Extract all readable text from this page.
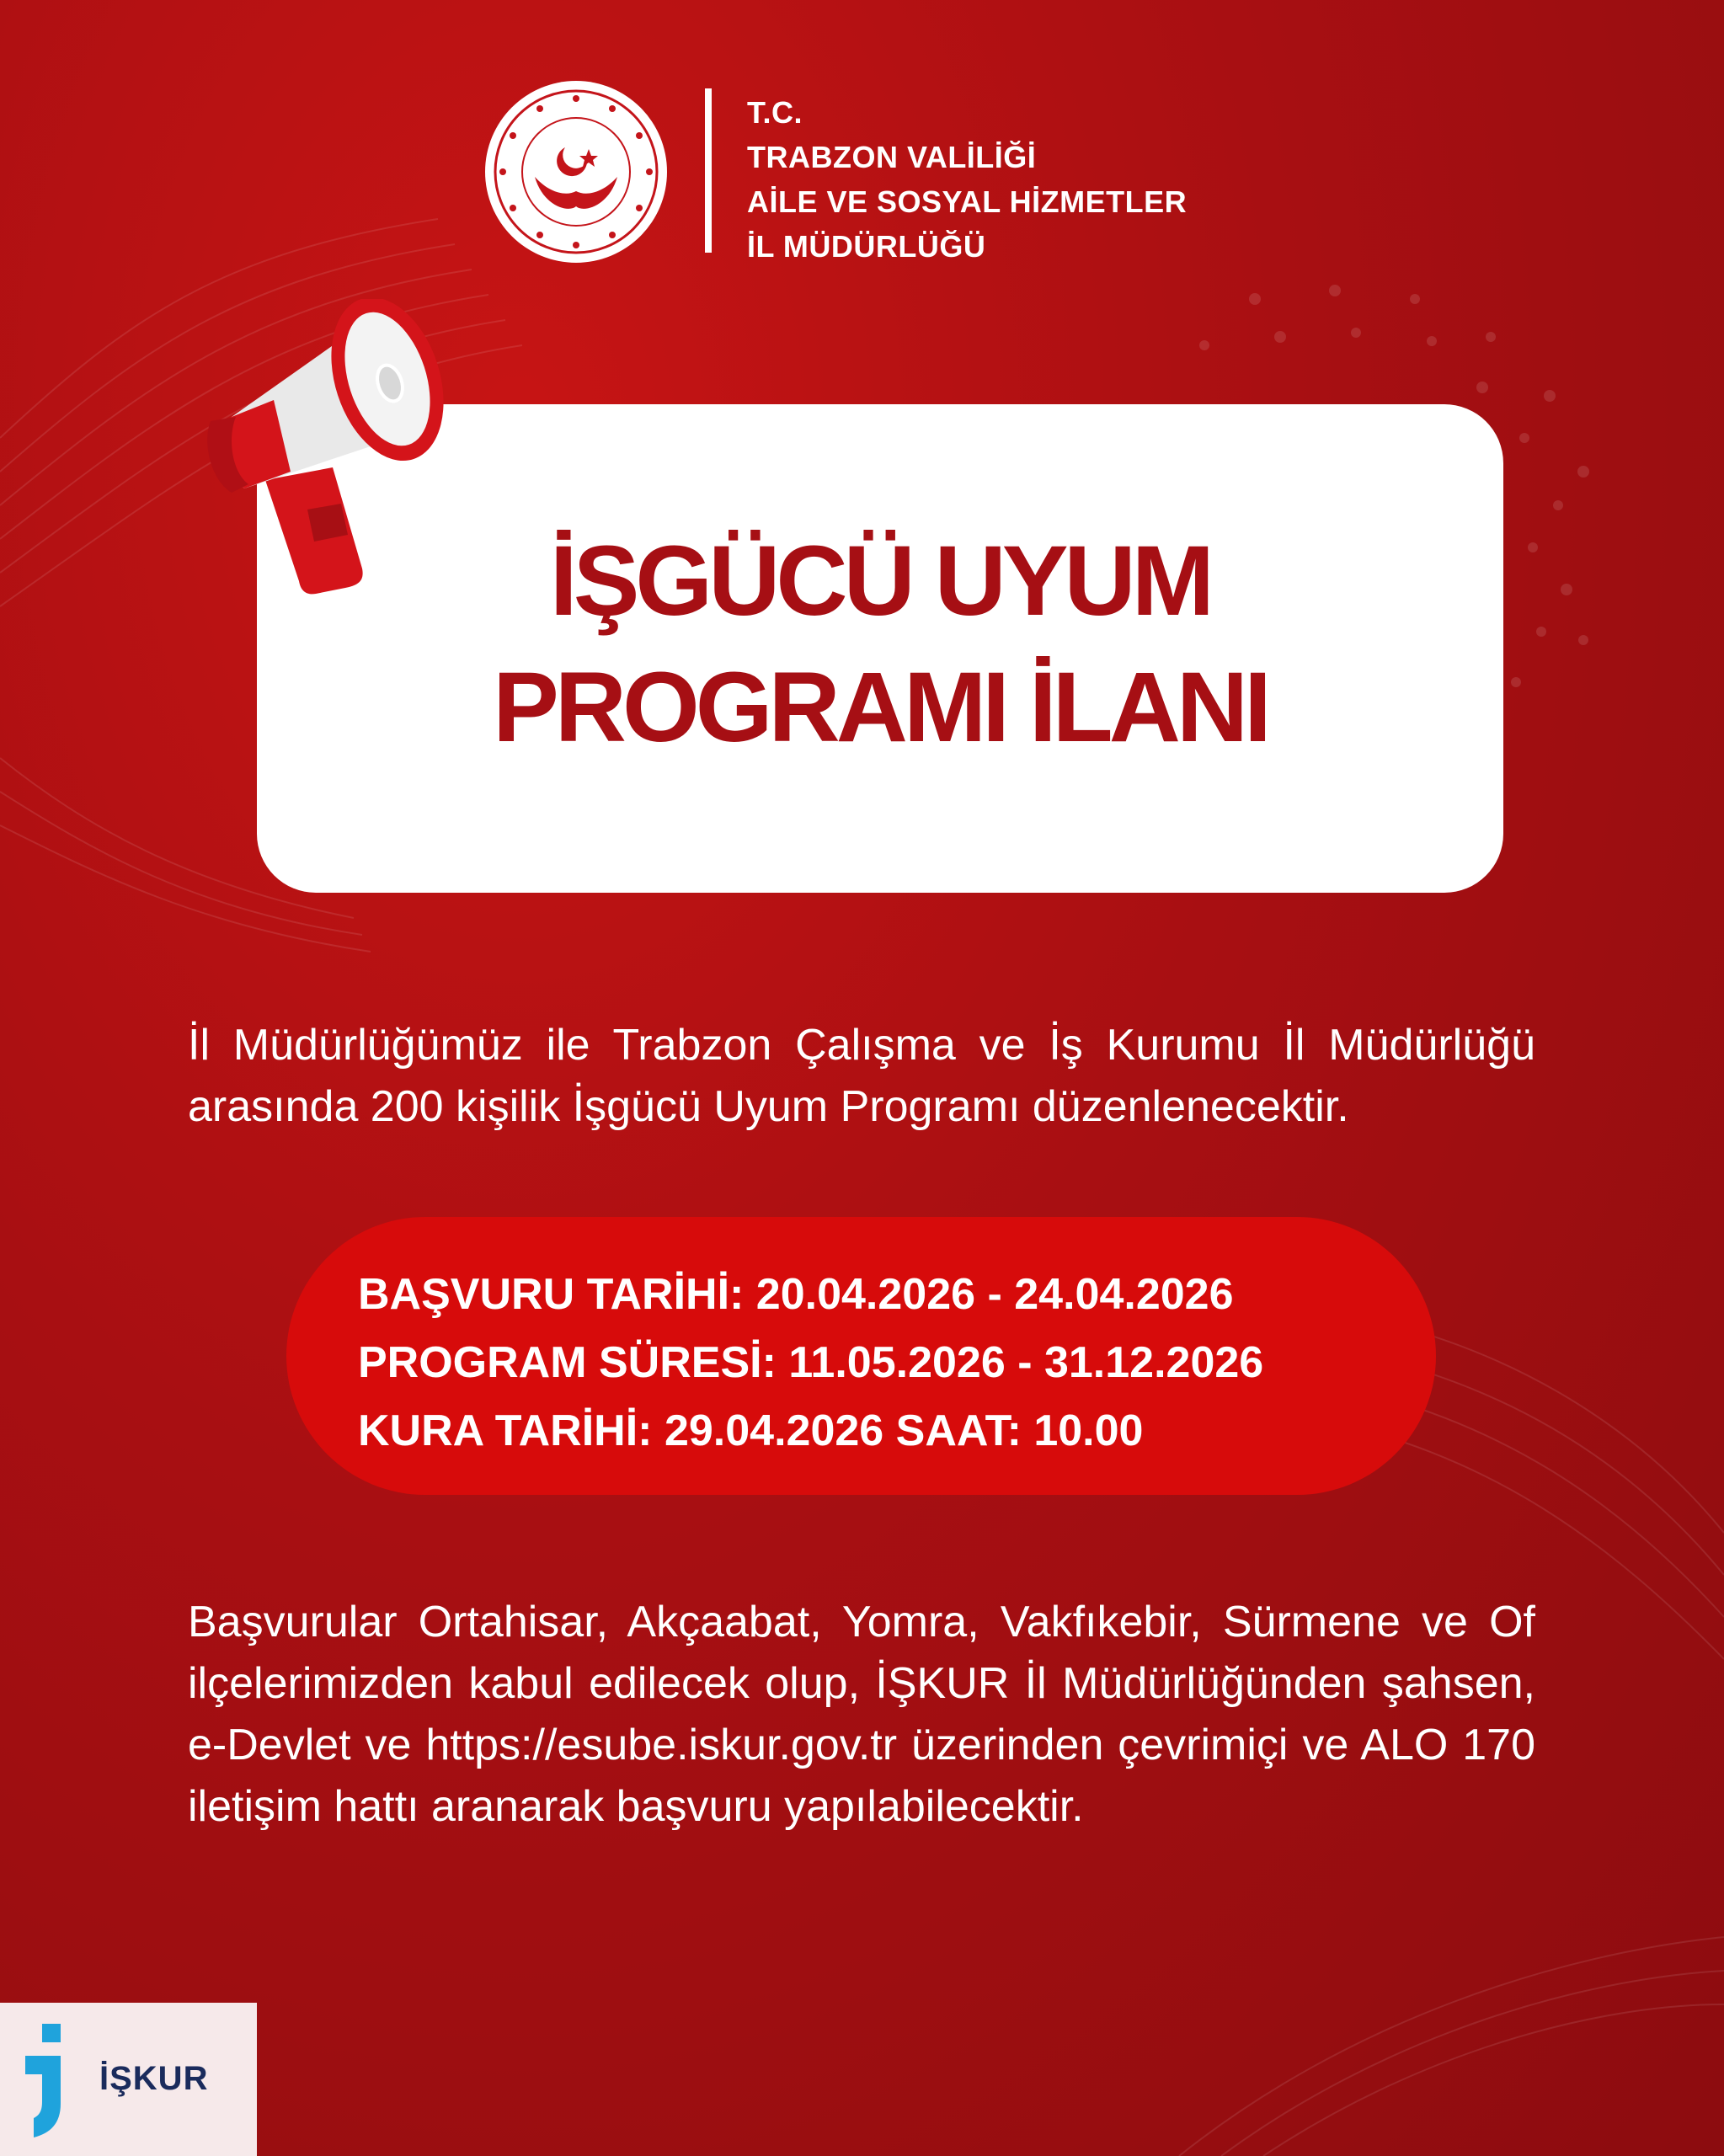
T.C.
TRABZON VALİLİĞİ
AİLE VE SOSYAL HİZMETLER
İL MÜDÜRLÜĞÜ
İŞGÜCÜ UYUM
PROGRAMI İLANI
İl Müdürlüğümüz ile Trabzon Çalışma ve İş Kurumu İl Müdürlüğü arasında 200 kişilik İşgücü Uyum Programı düzenlenecektir.
BAŞVURU TARİHİ: 20.04.2026 - 24.04.2026
PROGRAM SÜRESİ: 11.05.2026 - 31.12.2026
KURA TARİHİ: 29.04.2026 SAAT: 10.00
Başvurular Ortahisar, Akçaabat, Yomra, Vakfıkebir, Sürmene ve Of ilçelerimizden kabul edilecek olup, İŞKUR İl Müdürlüğünden şahsen, e-Devlet ve https://esube.iskur.gov.tr üzerinden çevrimiçi ve ALO 170 iletişim hattı aranarak başvuru yapılabilecektir.
İŞKUR
